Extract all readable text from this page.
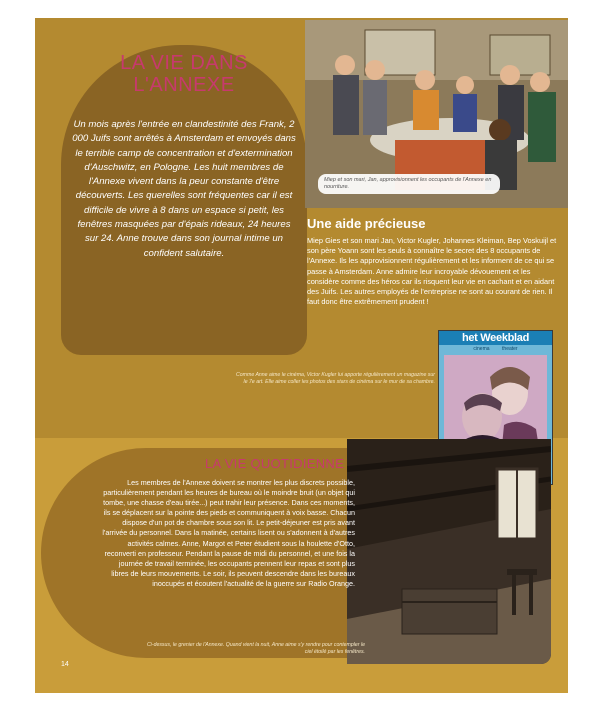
LA VIE DANS
L'ANNEXE
Un mois après l'entrée en clandestinité des Frank, 2 000 Juifs sont arrêtés à Amsterdam et envoyés dans le terrible camp de concentration et d'extermination d'Auschwitz, en Pologne. Les huit membres de l'Annexe vivent dans la peur constante d'être découverts. Les querelles sont fréquentes car il est difficile de vivre à 8 dans un espace si petit, les fenêtres masquées par d'épais rideaux, 24 heures sur 24. Anne trouve dans son journal intime un confident salutaire.
Miep et son mari, Jan, approvisionnent les occupants de l'Annexe en nourriture.
Une aide précieuse
Miep Gies et son mari Jan, Victor Kugler, Johannes Kleiman, Bep Voskuijl et son père Yoann sont les seuls à connaître le secret des 8 occupants de l'Annexe. Ils les approvisionnent régulièrement et les informent de ce qui se passe à Amsterdam. Anne admire leur incroyable dévouement et les considère comme des héros car ils risquent leur vie en cachant et en aidant des Juifs. Les autres employés de l'entreprise ne sont au courant de rien. Il faut donc être extrêmement prudent !
Comme Anne aime le cinéma, Victor Kugler lui apporte régulièrement un magazine sur le 7e art. Elle aime coller les photos des stars de cinéma sur le mur de sa chambre.
het Weekblad
cinema	theater
LA VIE QUOTIDIENNE
Les membres de l'Annexe doivent se montrer les plus discrets possible, particulièrement pendant les heures de bureau où le moindre bruit (un objet qui tombe, une chasse d'eau tirée...) peut trahir leur présence. Dans ces moments, ils se déplacent sur la pointe des pieds et communiquent à voix basse. Chacun dispose d'un pot de chambre sous son lit. Le petit-déjeuner est pris avant l'arrivée du personnel. Dans la matinée, certains lisent ou s'adonnent à d'autres activités calmes. Anne, Margot et Peter étudient sous la houlette d'Otto, reconverti en professeur. Pendant la pause de midi du personnel, et une fois la journée de travail terminée, les occupants prennent leur repas et sont plus libres de leurs mouvements. Le soir, ils peuvent descendre dans les bureaux inoccupés et écoutent l'actualité de la guerre sur Radio Orange.
Ci-dessus, le grenier de l'Annexe. Quand vient la nuit, Anne aime s'y rendre pour contempler le ciel étoilé par les fenêtres.
14
